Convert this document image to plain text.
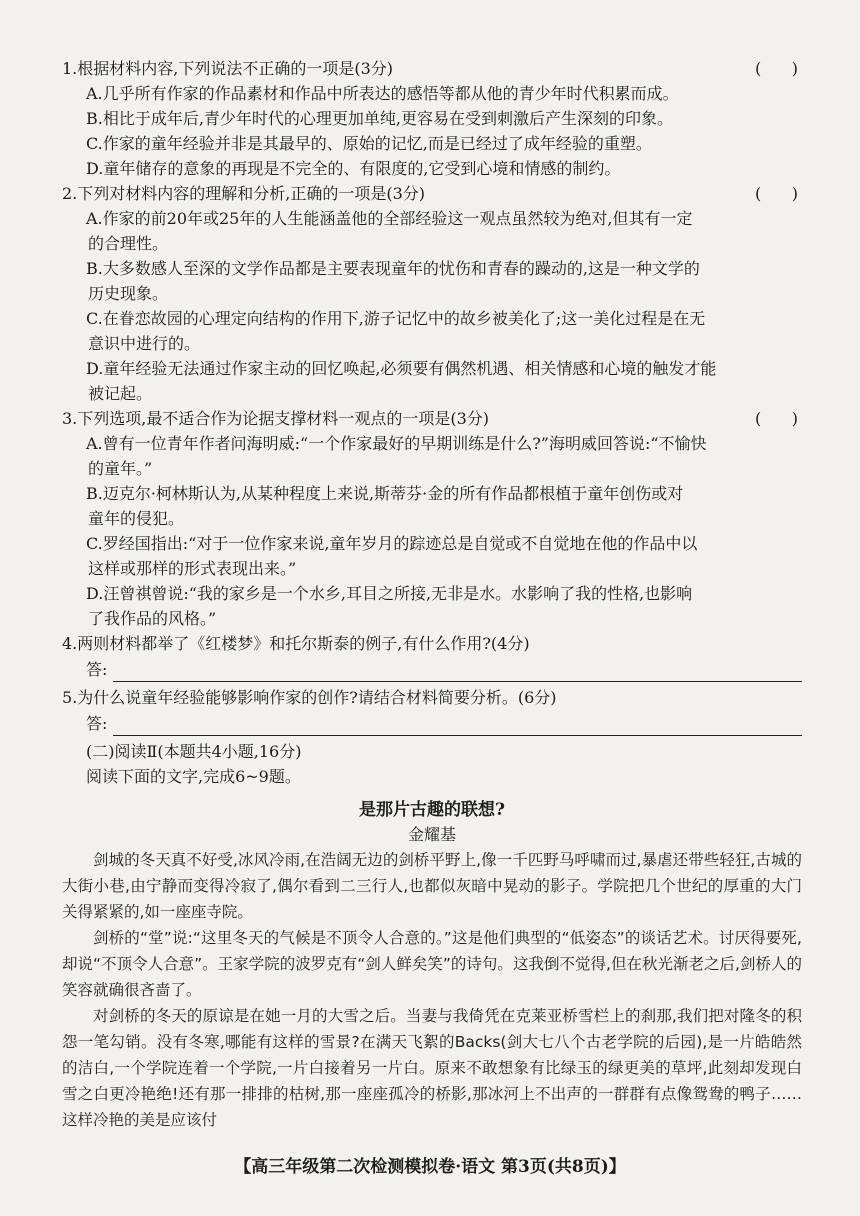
1.根据材料内容,下列说法不正确的一项是(3分)	(      )
A.几乎所有作家的作品素材和作品中所表达的感悟等都从他的青少年时代积累而成。
B.相比于成年后,青少年时代的心理更加单纯,更容易在受到刺激后产生深刻的印象。
C.作家的童年经验并非是其最早的、原始的记忆,而是已经过了成年经验的重塑。
D.童年储存的意象的再现是不完全的、有限度的,它受到心境和情感的制约。
2.下列对材料内容的理解和分析,正确的一项是(3分)	(      )
A.作家的前20年或25年的人生能涵盖他的全部经验这一观点虽然较为绝对,但其有一定
的合理性。
B.大多数感人至深的文学作品都是主要表现童年的忧伤和青春的躁动的,这是一种文学的
历史现象。
C.在眷恋故园的心理定向结构的作用下,游子记忆中的故乡被美化了;这一美化过程是在无
意识中进行的。
D.童年经验无法通过作家主动的回忆唤起,必须要有偶然机遇、相关情感和心境的触发才能
被记起。
3.下列选项,最不适合作为论据支撑材料一观点的一项是(3分)	(      )
A.曾有一位青年作者问海明威:“一个作家最好的早期训练是什么?”海明威回答说:“不愉快
的童年。”
B.迈克尔·柯林斯认为,从某种程度上来说,斯蒂芬·金的所有作品都根植于童年创伤或对
童年的侵犯。
C.罗经国指出:“对于一位作家来说,童年岁月的踪迹总是自觉或不自觉地在他的作品中以
这样或那样的形式表现出来。”
D.汪曾祺曾说:“我的家乡是一个水乡,耳目之所接,无非是水。水影响了我的性格,也影响
了我作品的风格。”
4.两则材料都举了《红楼梦》和托尔斯泰的例子,有什么作用?(4分)
答:
5.为什么说童年经验能够影响作家的创作?请结合材料简要分析。(6分)
答:
(二)阅读Ⅱ(本题共4小题,16分)
阅读下面的文字,完成6~9题。
是那片古趣的联想?
金耀基
剑城的冬天真不好受,冰风冷雨,在浩阔无边的剑桥平野上,像一千匹野马呼啸而过,暴虐还带些轻狂,古城的大街小巷,由宁静而变得冷寂了,偶尔看到二三行人,也都似灰暗中晃动的影子。学院把几个世纪的厚重的大门关得紧紧的,如一座座寺院。
剑桥的“堂”说:“这里冬天的气候是不顶令人合意的。”这是他们典型的“低姿态”的谈话艺术。讨厌得要死,却说“不顶令人合意”。王家学院的波罗克有“剑人鲜矣笑”的诗句。这我倒不觉得,但在秋光渐老之后,剑桥人的笑容就确很吝啬了。
对剑桥的冬天的原谅是在她一月的大雪之后。当妻与我倚凭在克莱亚桥雪栏上的刹那,我们把对隆冬的积怨一笔勾销。没有冬寒,哪能有这样的雪景?在满天飞絮的Backs(剑大七八个古老学院的后园),是一片皓皓然的洁白,一个学院连着一个学院,一片白接着另一片白。原来不敢想象有比绿玉的绿更美的草坪,此刻却发现白雪之白更冷艳绝!还有那一排排的枯树,那一座座孤冷的桥影,那冰河上不出声的一群群有点像鸳鸯的鸭子……这样冷艳的美是应该付
【高三年级第二次检测模拟卷·语文 第3页(共8页)】
